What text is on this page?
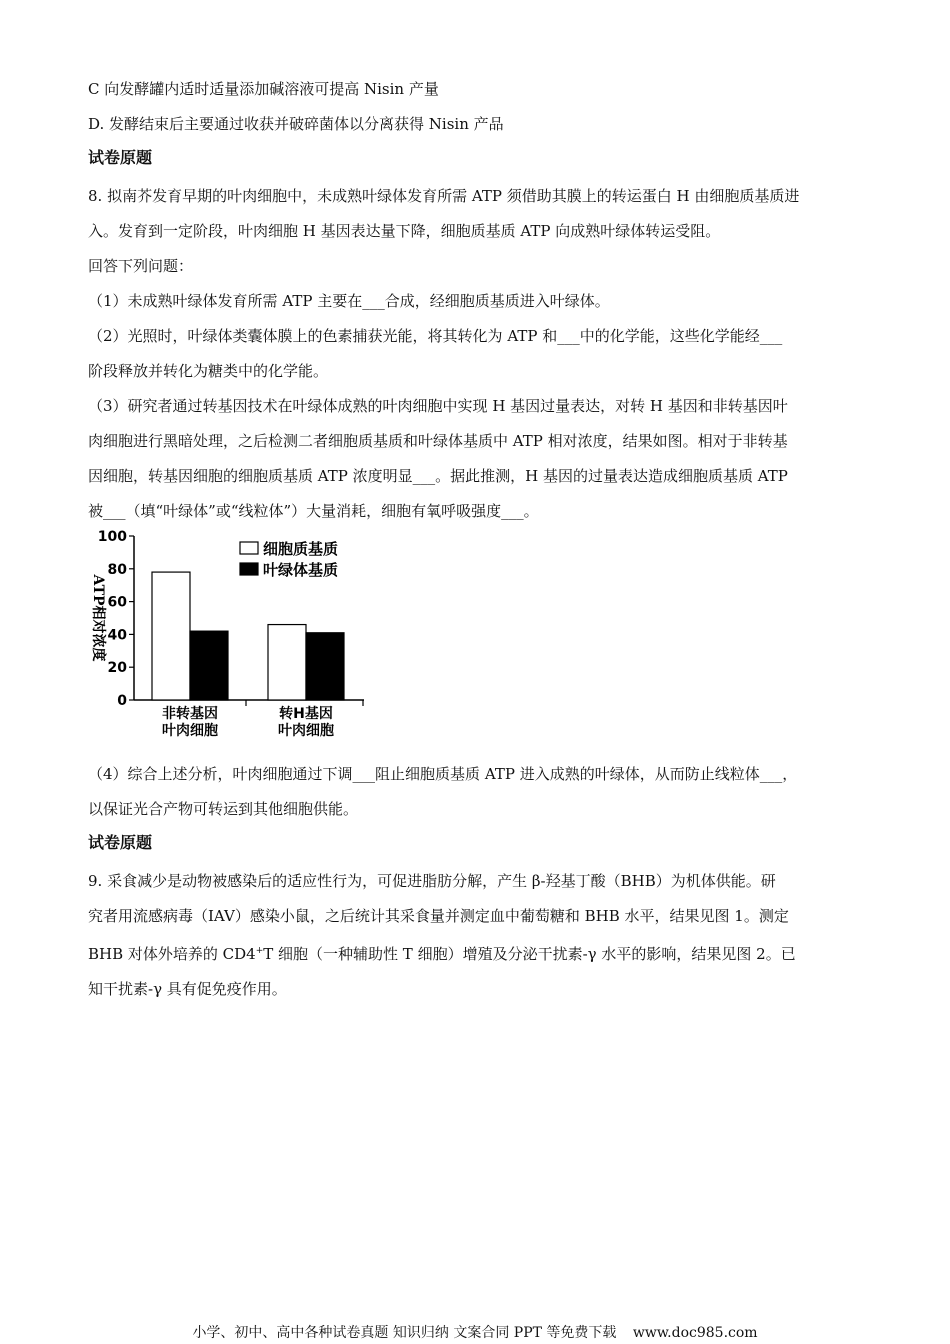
C 向发酵罐内适时适量添加碱溶液可提高 Nisin 产量

D. 发酵结束后主要通过收获并破碎菌体以分离获得 Nisin 产品

试卷原题

8. 拟南芥发育早期的叶肉细胞中，未成熟叶绿体发育所需 ATP 须借助其膜上的转运蛋白 H 由细胞质基质进

入。发育到一定阶段，叶肉细胞 H 基因表达量下降，细胞质基质 ATP 向成熟叶绿体转运受阻。

回答下列问题：

（1）未成熟叶绿体发育所需 ATP 主要在___合成，经细胞质基质进入叶绿体。

（2）光照时，叶绿体类囊体膜上的色素捕获光能，将其转化为 ATP 和___中的化学能，这些化学能经___

阶段释放并转化为糖类中的化学能。

（3）研究者通过转基因技术在叶绿体成熟的叶肉细胞中实现 H 基因过量表达，对转 H 基因和非转基因叶

肉细胞进行黑暗处理，之后检测二者细胞质基质和叶绿体基质中 ATP 相对浓度，结果如图。相对于非转基

因细胞，转基因细胞的细胞质基质 ATP 浓度明显___。据此推测，H 基因的过量表达造成细胞质基质 ATP

被___（填“叶绿体”或“线粒体”）大量消耗，细胞有氧呼吸强度___。

0
20
40
60
80
100
ATP相对浓度
非转基因
叶肉细胞
转H基因
叶肉细胞
细胞质基质
叶绿体基质

（4）综合上述分析，叶肉细胞通过下调___阻止细胞质基质 ATP 进入成熟的叶绿体，从而防止线粒体___，

以保证光合产物可转运到其他细胞供能。

试卷原题

9. 采食减少是动物被感染后的适应性行为，可促进脂肪分解，产生 β-羟基丁酸（BHB）为机体供能。研

究者用流感病毒（IAV）感染小鼠，之后统计其采食量并测定血中葡萄糖和 BHB 水平，结果见图 1。测定

BHB 对体外培养的 CD4+T 细胞（一种辅助性 T 细胞）增殖及分泌干扰素-γ 水平的影响，结果见图 2。已

知干扰素-γ 具有促免疫作用。

小学、初中、高中各种试卷真题 知识归纳 文案合同 PPT 等免费下载 www.doc985.com
